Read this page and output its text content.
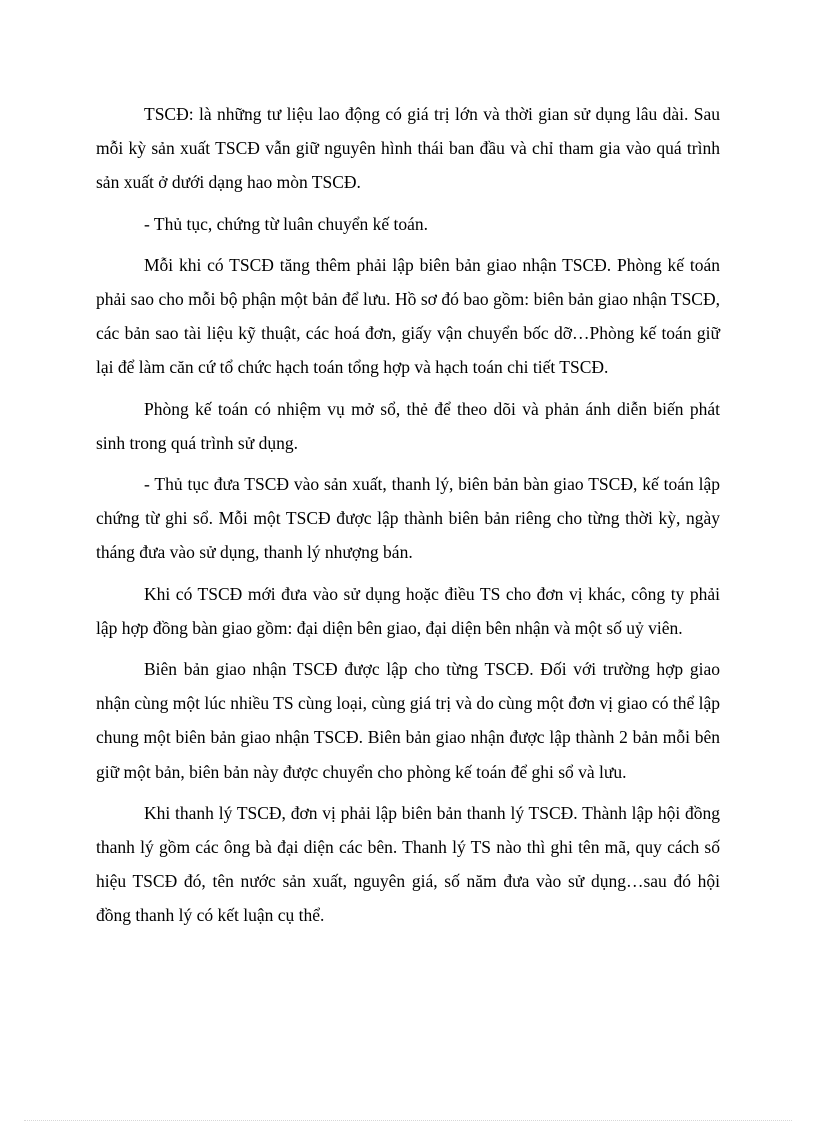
TSCĐ: là những tư liệu lao động có giá trị lớn và thời gian sử dụng lâu dài. Sau mỗi kỳ sản xuất TSCĐ vẫn giữ nguyên hình thái ban đầu và chỉ tham gia vào quá trình sản xuất ở dưới dạng hao mòn TSCĐ.

- Thủ tục, chứng từ luân chuyển kế toán.

Mỗi khi có TSCĐ tăng thêm phải lập biên bản giao nhận TSCĐ. Phòng kế toán phải sao cho mỗi bộ phận một bản để lưu. Hồ sơ đó bao gồm: biên bản giao nhận TSCĐ, các bản sao tài liệu kỹ thuật, các hoá đơn, giấy vận chuyển bốc dỡ…Phòng kế toán giữ lại để làm căn cứ tổ chức hạch toán tổng hợp và hạch toán chi tiết TSCĐ.

Phòng kế toán có nhiệm vụ mở sổ, thẻ để theo dõi và phản ánh diễn biến phát sinh trong quá trình sử dụng.

- Thủ tục đưa TSCĐ vào sản xuất, thanh lý, biên bản bàn giao TSCĐ, kế toán lập chứng từ ghi sổ. Mỗi một TSCĐ được lập thành biên bản riêng cho từng thời kỳ, ngày tháng đưa vào sử dụng, thanh lý nhượng bán.

Khi có TSCĐ mới đưa vào sử dụng hoặc điều TS cho đơn vị khác, công ty phải lập hợp đồng bàn giao gồm: đại diện bên giao, đại diện bên nhận và một số uỷ viên.

Biên bản giao nhận TSCĐ được lập cho từng TSCĐ. Đối với trường hợp giao nhận cùng một lúc nhiều TS cùng loại, cùng giá trị và do cùng một đơn vị giao có thể lập chung một biên bản giao nhận TSCĐ. Biên bản giao nhận được lập thành 2 bản mỗi bên giữ một bản, biên bản này được chuyển cho phòng kế toán để ghi sổ và lưu.

Khi thanh lý TSCĐ, đơn vị phải lập biên bản thanh lý TSCĐ. Thành lập hội đồng thanh lý gồm các ông bà đại diện các bên. Thanh lý TS nào thì ghi tên mã, quy cách số hiệu TSCĐ đó, tên nước sản xuất, nguyên giá, số năm đưa vào sử dụng…sau đó hội đồng thanh lý có kết luận cụ thể.
